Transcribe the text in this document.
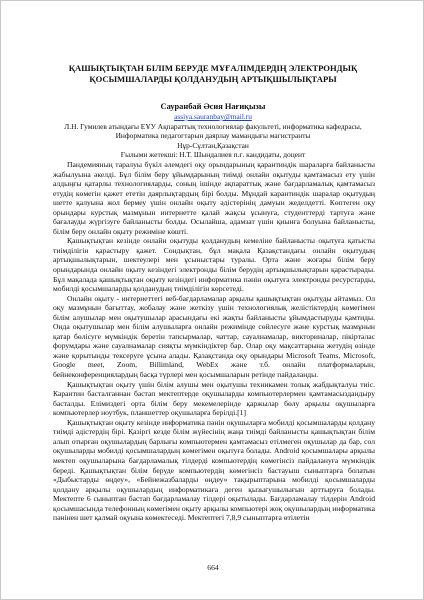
ҚАШЫҚТЫҚТАН БІЛІМ БЕРУДЕ МҰҒАЛІМДЕРДІҢ ЭЛЕКТРОНДЫҚ ҚОСЫМШАЛАРДЫ ҚОЛДАНУДЫҢ АРТЫҚШЫЛЫҚТАРЫ
Сауранбай Әсия Нағиқызы
assiya.sauranbay@mail.ru
Л.Н. Гумилев атындағы ЕҰУ Ақпараттық технологиялар факультеті, информатика кафедрасы, Информатика педагогтарын даярлау мамандығы магистранты
Нұр-Сұлтан,Қазақстан
Ғылыми жетекші: Н.Т. Шындалиев п.ғ. кандидаты, доцент

Пандемияның таралуы бүкіл әлемдегі оқу орындарының қарантиндік шараларға байланысты жабылуына әкелді. Бұл білім беру ұйымдарының тиімді онлайн оқытуды қамтамасыз ету үшін алдыңғы қатарлы технологияларды, соның ішінде ақпараттық және бағдарламалық қамтамасыз етудің көмегін қажет ететін даярлықтардың бірі болды. Мұндай карантиндік шаралар оқытудың шетте қалуына жол бермеу үшін онлайн оқыту әдістерінің дамуын жеделдетті. Көптеген оқу орындары курстық мазмұнын интернетте қалай жақсы ұсынуға, студенттерді тартуға және бағалауды жүргізуге байланысты болды. Осылайша, адамзат үшін қиынға болуына байланысты, білім беру онлайн оқыту режиміне көшті.

Қашықтықтан кезінде онлайн оқытуды қолданудың кемеліне байланысты оқытуға қатысты тиімділігін қарастыру қажет. Сондықтан, бұл мақала Қазақстандағы онлайн оқытудың артықшылықтарын, шектеулері мен ұсыныстары туралы. Орта және жоғары білім беру орындарында онлайн оқыту кезіндегі электронды білім берудің артықшылықтарын қарастырады. Бұл мақалада қашықтықтан оқыту кезіндегі информатика пәнін оқытуға электронды ресурстарды, мобилді қосымшаларды қолданудың тиімділігін көрсетеді.

Онлайн оқыту - интернеттегі веб-бағдарламалар арқылы қашықтықтан оқытуды айтамыз. Ол оқу мазмұнын бағыттау, жобалау және жеткізу үшін технологиялық желістіктердің көмегімен білім алушылар мен оқытушылар арасындағы екі жақты байланысты ұйымдастыруды қамтиды. Онда оқытушылар мен білім алушыларға онлайн режимінде сөйлесуге және курстық мазмұнын қатар бөлісуге мүмкіндік беретін тапсырмалар, чаттар, сауалнамалар, викториналар, пікірталас форумдары және сауалнамалар сияқты мүмкіндіктер бар. Олар оқу мақсаттарына жетудің өзінде және қорытынды тексеруге ұсына алады. Қазақстанда оқу орындары Microsoft Teams, Microsoft, Google meet, Zoom, Billimland, WebEx және т.б. онлайн платформаларын, бейнеконференциялардың басқа түрлері мен қосымшаларын ретінде пайдаланды.

Қашықтықтан оқыту үшін білім алушы мен оқытушы техникамен толық жабдықталуы тиіс. Карантин басталғаннан бастап мектептерде оқушыларды компьютерлермен қамтамасыздандыру басталды. Елімиздегі орта білім беру мекемелерінде қаржылар бөлу арқылы оқушыларға компьютерлер ноутбук, планшеттер оқушыларға берілді.[1]

Қашықтықтан оқыту кезінде информатика пәнін оқушыларға мобилді қосымшаларды қолдану тиімді әдістердің бірі. Қазіргі кезде білім жүйесінің жаңа тиімді байланысты қашықтықтан білім алып отырған оқушылардың барлығы компьютермен қамтамасыз етілмеген оқушылар да бар, сол оқушыларды мобилді қосымшалардың көмегімен оқытуға болады. Android қосымшалары арқылы мектеп оқушыларына бағдарламалық тілдерді компьютердің көмегінсіз пайдалануға мүмкіндік береді. Қашықтықтан білім беруде компьютердің көмегінсіз бастауыш сыныптарға болатын «Дыбыстарды өңдеу», «Бейнежазбаларды өңдеу» тақырыптарына мобилді қосымшаларды қолдану арқылы оқушылардың информатикаға деген қызығушылығын арттыруға болады. Мектепте 6 сыныптан бастап бағдарламалау тілдері оқытылады. Бағдарламалау тілдерін Android қосымшасында телефонның көмегімен оқыту арқылы компьютері жоқ оқушылардың информатика пәнінен шет қалмай оқуына көмектеседі. Мектептегі 7,8,9 сыныптарға өтілетін

664
